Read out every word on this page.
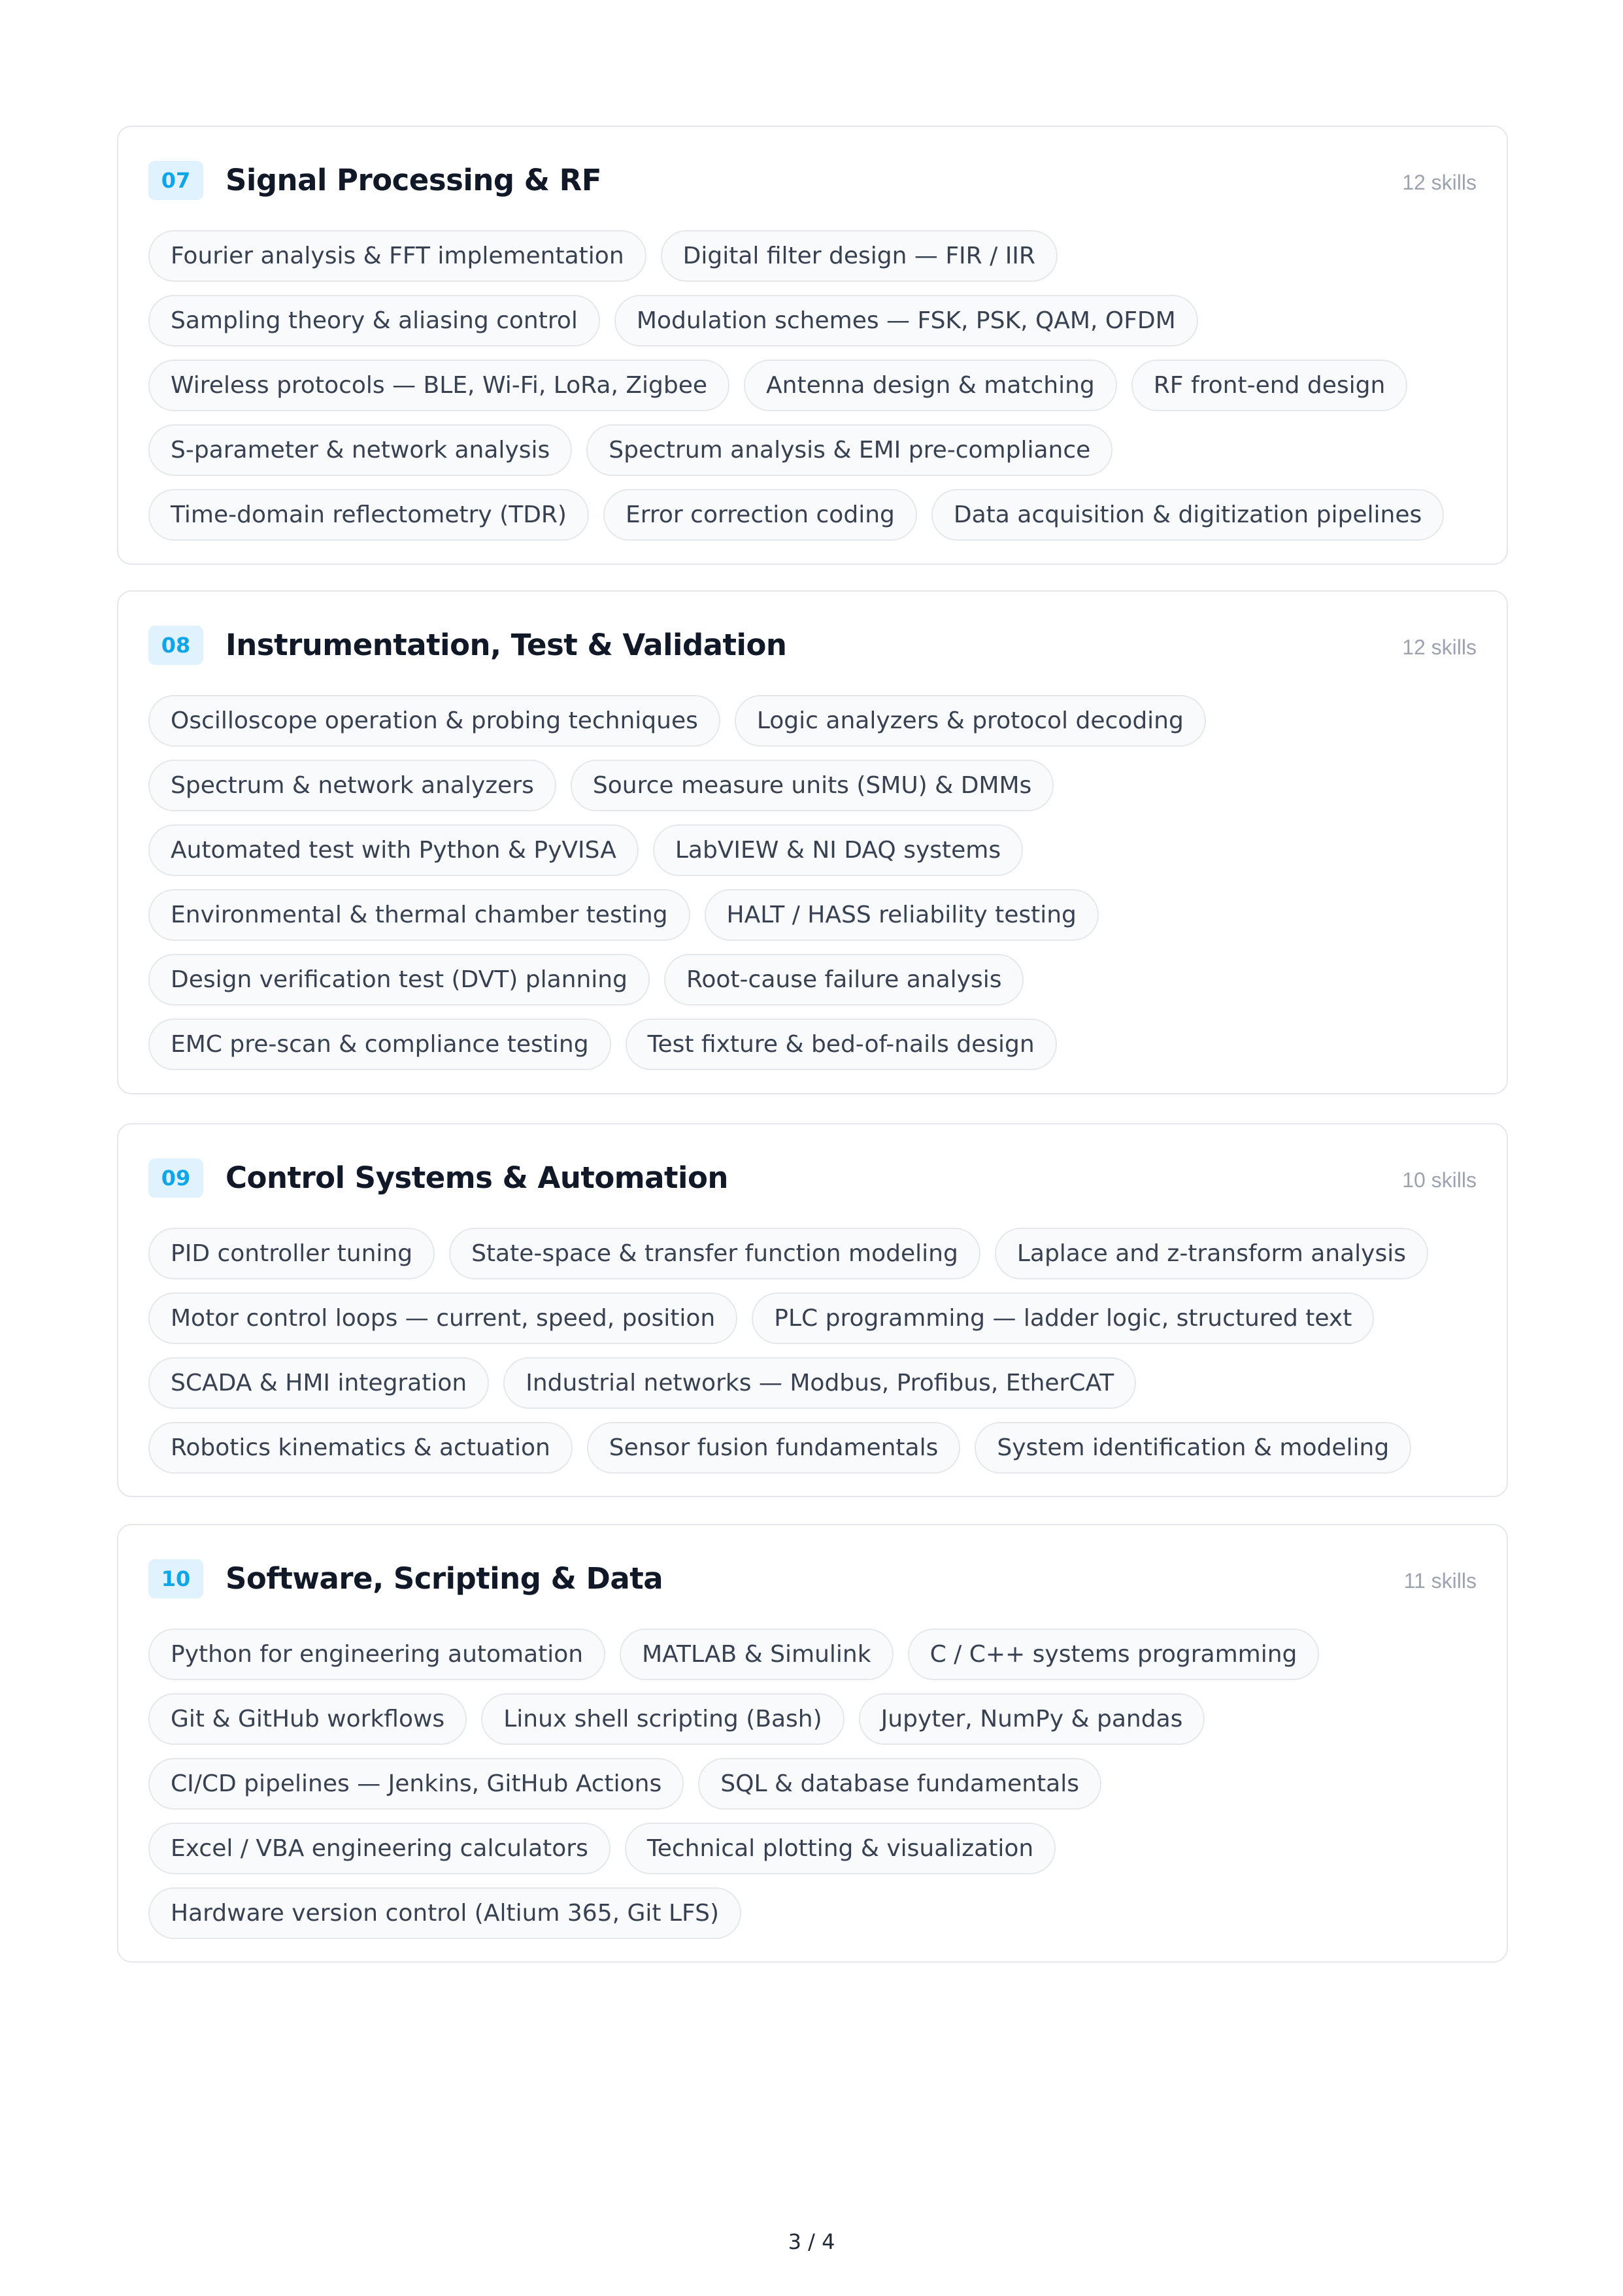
07	Signal Processing & RF	12 skills
Fourier analysis & FFT implementation	Digital filter design — FIR / IIR
Sampling theory & aliasing control	Modulation schemes — FSK, PSK, QAM, OFDM
Wireless protocols — BLE, Wi-Fi, LoRa, Zigbee	Antenna design & matching	RF front-end design
S-parameter & network analysis	Spectrum analysis & EMI pre-compliance
Time-domain reflectometry (TDR)	Error correction coding	Data acquisition & digitization pipelines
08	Instrumentation, Test & Validation	12 skills
Oscilloscope operation & probing techniques	Logic analyzers & protocol decoding
Spectrum & network analyzers	Source measure units (SMU) & DMMs
Automated test with Python & PyVISA	LabVIEW & NI DAQ systems
Environmental & thermal chamber testing	HALT / HASS reliability testing
Design verification test (DVT) planning	Root-cause failure analysis
EMC pre-scan & compliance testing	Test fixture & bed-of-nails design
09	Control Systems & Automation	10 skills
PID controller tuning	State-space & transfer function modeling	Laplace and z-transform analysis
Motor control loops — current, speed, position	PLC programming — ladder logic, structured text
SCADA & HMI integration	Industrial networks — Modbus, Profibus, EtherCAT
Robotics kinematics & actuation	Sensor fusion fundamentals	System identification & modeling
10	Software, Scripting & Data	11 skills
Python for engineering automation	MATLAB & Simulink	C / C++ systems programming
Git & GitHub workflows	Linux shell scripting (Bash)	Jupyter, NumPy & pandas
CI/CD pipelines — Jenkins, GitHub Actions	SQL & database fundamentals
Excel / VBA engineering calculators	Technical plotting & visualization
Hardware version control (Altium 365, Git LFS)
3 / 4
